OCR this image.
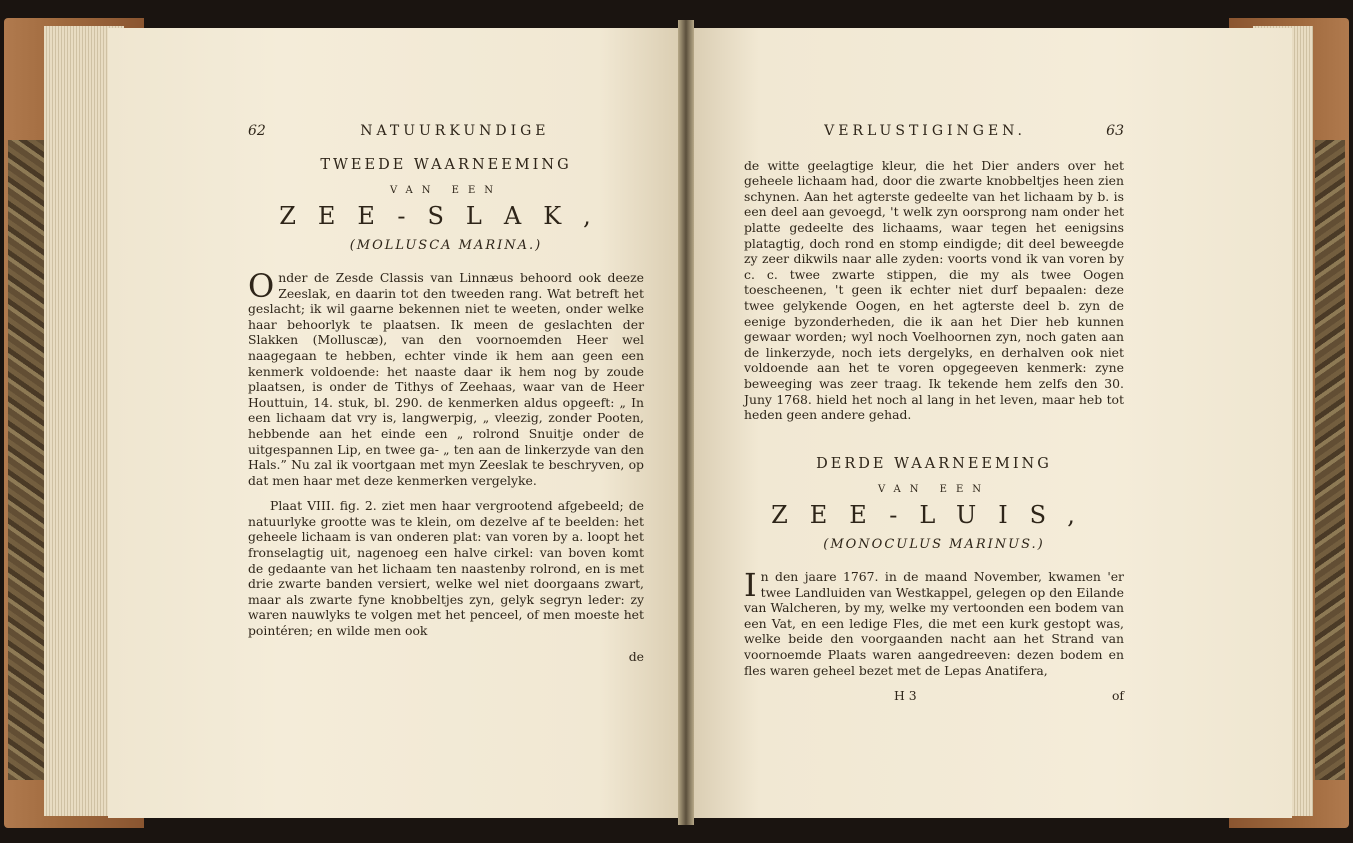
62	NATUURKUNDIGE
TWEEDE WAARNEEMING
VAN EEN
ZEE-SLAK,
(MOLLUSCA MARINA.)

Onder de Zesde Classis van Linnæus behoord ook deeze Zeeslak, en daarin tot den tweeden rang. Wat betreft het geslacht; ik wil gaarne bekennen niet te weeten, onder welke haar behoorlyk te plaatsen. Ik meen de geslachten der Slakken (Molluscæ), van den voornoemden Heer wel naagegaan te hebben, echter vinde ik hem aan geen een kenmerk voldoende: het naaste daar ik hem nog by zoude plaatsen, is onder de Tithys of Zeehaas, waar van de Heer Houttuin, 14. stuk, bl. 290. de kenmerken aldus opgeeft: „ In een lichaam dat vry is, langwerpig, „ vleezig, zonder Pooten, hebbende aan het einde een „ rolrond Snuitje onder de uitgespannen Lip, en twee ga- „ ten aan de linkerzyde van den Hals.” Nu zal ik voortgaan met myn Zeeslak te beschryven, op dat men haar met deze kenmerken vergelyke.

Plaat VIII. fig. 2. ziet men haar vergrootend afgebeeld; de natuurlyke grootte was te klein, om dezelve af te beelden: het geheele lichaam is van onderen plat: van voren by a. loopt het fronselagtig uit, nagenoeg een halve cirkel: van boven komt de gedaante van het lichaam ten naastenby rolrond, en is met drie zwarte banden versiert, welke wel niet doorgaans zwart, maar als zwarte fyne knobbeltjes zyn, gelyk segryn leder: zy waren nauwlyks te volgen met het penceel, of men moeste het pointéren; en wilde men ook

de
VERLUSTIGINGEN.	63

de witte geelagtige kleur, die het Dier anders over het geheele lichaam had, door die zwarte knobbeltjes heen zien schynen. Aan het agterste gedeelte van het lichaam by b. is een deel aan gevoegd, 't welk zyn oorsprong nam onder het platte gedeelte des lichaams, waar tegen het eenigsins platagtig, doch rond en stomp eindigde; dit deel beweegde zy zeer dikwils naar alle zyden: voorts vond ik van voren by c. c. twee zwarte stippen, die my als twee Oogen toescheenen, 't geen ik echter niet durf bepaalen: deze twee gelykende Oogen, en het agterste deel b. zyn de eenige byzonderheden, die ik aan het Dier heb kunnen gewaar worden; wyl noch Voelhoornen zyn, noch gaten aan de linkerzyde, noch iets dergelyks, en derhalven ook niet voldoende aan het te voren opgegeeven kenmerk: zyne beweeging was zeer traag. Ik tekende hem zelfs den 30. Juny 1768. hield het noch al lang in het leven, maar heb tot heden geen andere gehad.

DERDE WAARNEEMING
VAN EEN
ZEE-LUIS,
(MONOCULUS MARINUS.)

In den jaare 1767. in de maand November, kwamen 'er twee Landluiden van Westkappel, gelegen op den Eilande van Walcheren, by my, welke my vertoonden een bodem van een Vat, en een ledige Fles, die met een kurk gestopt was, welke beide den voorgaanden nacht aan het Strand van voornoemde Plaats waren aangedreeven: dezen bodem en fles waren geheel bezet met de Lepas Anatifera,

H 3	of
